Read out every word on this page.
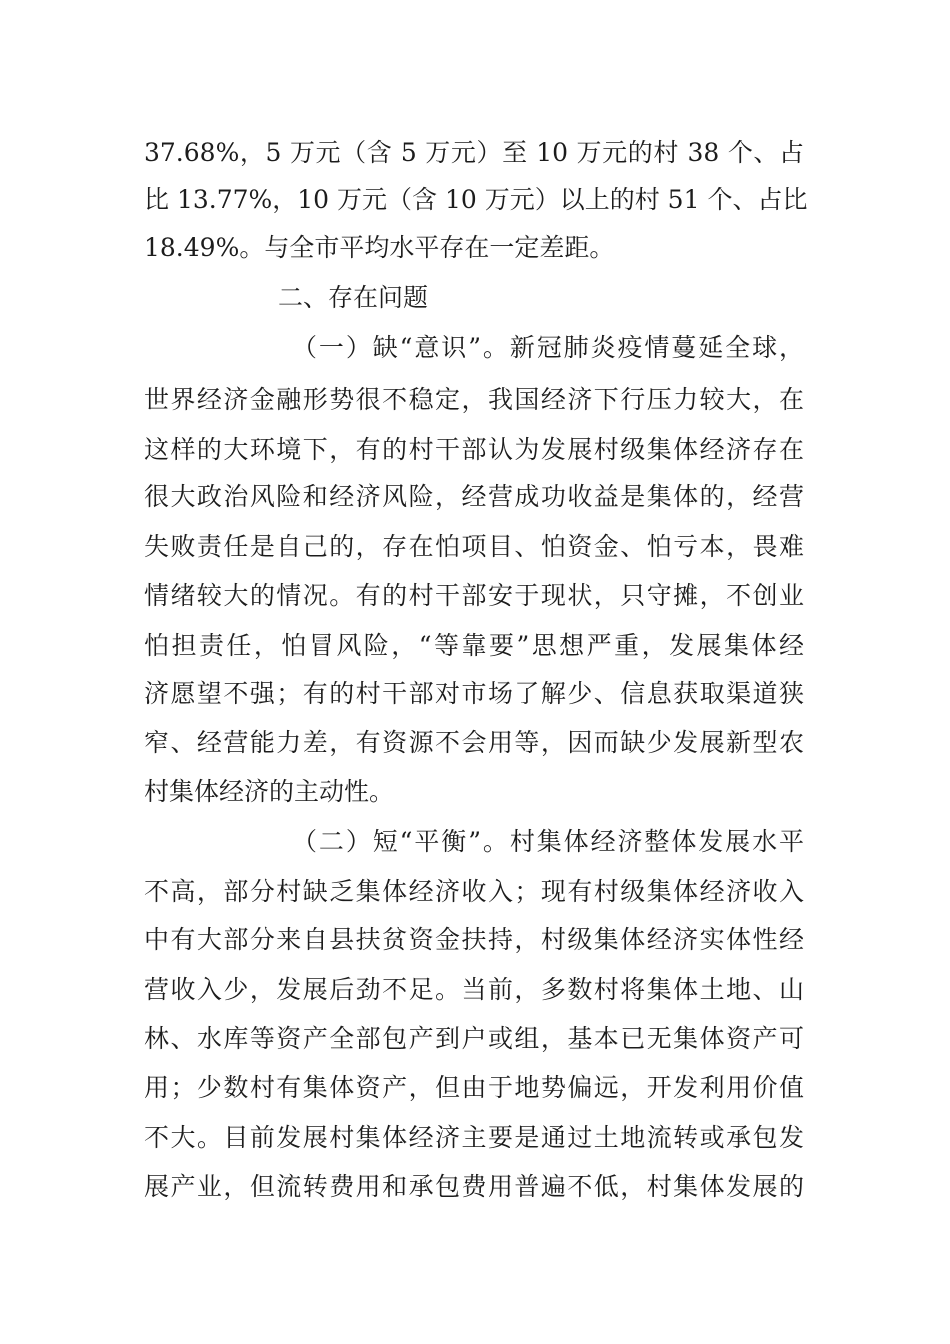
37.68%，5 万元（含 5 万元）至 10 万元的村 38 个、占
比 13.77%，10 万元（含 10 万元）以上的村 51 个、占比
18.49%。与全市平均水平存在一定差距。
二、存在问题
（一）缺“意识”。新冠肺炎疫情蔓延全球，
世界经济金融形势很不稳定，我国经济下行压力较大，在
这样的大环境下，有的村干部认为发展村级集体经济存在
很大政治风险和经济风险，经营成功收益是集体的，经营
失败责任是自己的，存在怕项目、怕资金、怕亏本，畏难
情绪较大的情况。有的村干部安于现状，只守摊，不创业
怕担责任，怕冒风险，“等靠要”思想严重，发展集体经
济愿望不强；有的村干部对市场了解少、信息获取渠道狭
窄、经营能力差，有资源不会用等，因而缺少发展新型农
村集体经济的主动性。
（二）短“平衡”。村集体经济整体发展水平
不高，部分村缺乏集体经济收入；现有村级集体经济收入
中有大部分来自县扶贫资金扶持，村级集体经济实体性经
营收入少，发展后劲不足。当前，多数村将集体土地、山
林、水库等资产全部包产到户或组，基本已无集体资产可
用；少数村有集体资产，但由于地势偏远，开发利用价值
不大。目前发展村集体经济主要是通过土地流转或承包发
展产业，但流转费用和承包费用普遍不低，村集体发展的
